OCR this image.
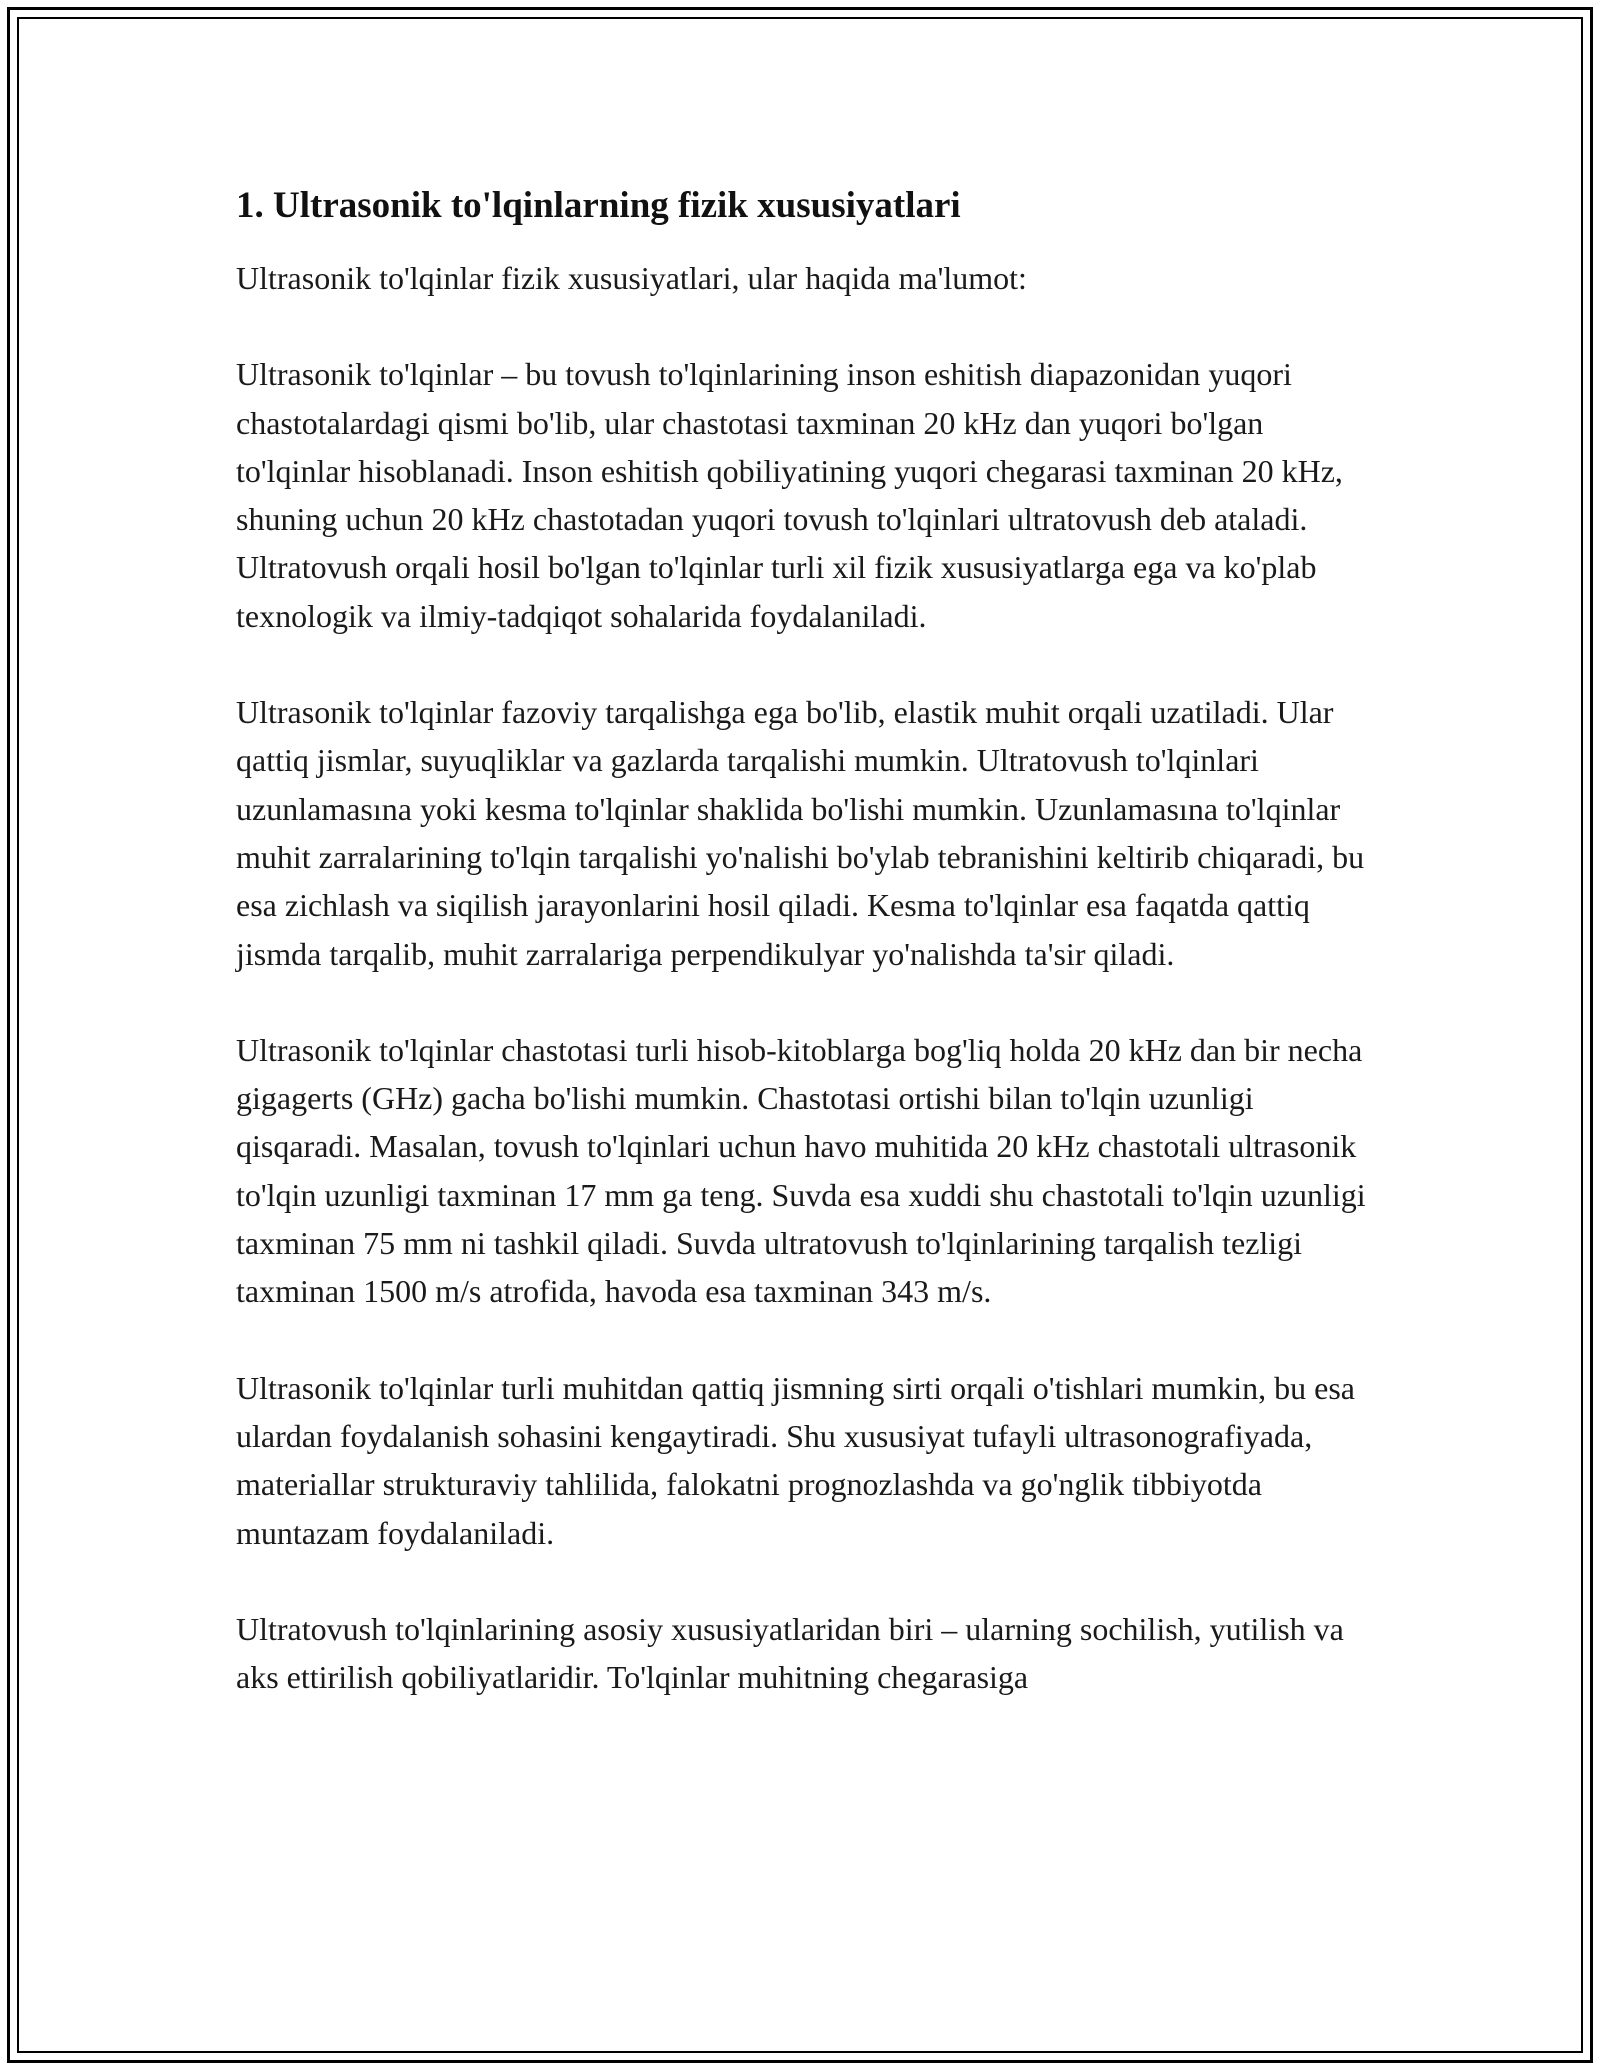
1. Ultrasonik to'lqinlarning fizik xususiyatlari

Ultrasonik to'lqinlar fizik xususiyatlari, ular haqida ma'lumot:

Ultrasonik to'lqinlar – bu tovush to'lqinlarining inson eshitish diapazonidan yuqori chastotalardagi qismi bo'lib, ular chastotasi taxminan 20 kHz dan yuqori bo'lgan to'lqinlar hisoblanadi. Inson eshitish qobiliyatining yuqori chegarasi taxminan 20 kHz, shuning uchun 20 kHz chastotadan yuqori tovush to'lqinlari ultratovush deb ataladi. Ultratovush orqali hosil bo'lgan to'lqinlar turli xil fizik xususiyatlarga ega va ko'plab texnologik va ilmiy-tadqiqot sohalarida foydalaniladi.

Ultrasonik to'lqinlar fazoviy tarqalishga ega bo'lib, elastik muhit orqali uzatiladi. Ular qattiq jismlar, suyuqliklar va gazlarda tarqalishi mumkin. Ultratovush to'lqinlari uzunlamasına yoki kesma to'lqinlar shaklida bo'lishi mumkin. Uzunlamasına to'lqinlar muhit zarralarining to'lqin tarqalishi yo'nalishi bo'ylab tebranishini keltirib chiqaradi, bu esa zichlash va siqilish jarayonlarini hosil qiladi. Kesma to'lqinlar esa faqatda qattiq jismda tarqalib, muhit zarralariga perpendikulyar yo'nalishda ta'sir qiladi.

Ultrasonik to'lqinlar chastotasi turli hisob-kitoblarga bog'liq holda 20 kHz dan bir necha gigagerts (GHz) gacha bo'lishi mumkin. Chastotasi ortishi bilan to'lqin uzunligi qisqaradi. Masalan, tovush to'lqinlari uchun havo muhitida 20 kHz chastotali ultrasonik to'lqin uzunligi taxminan 17 mm ga teng. Suvda esa xuddi shu chastotali to'lqin uzunligi taxminan 75 mm ni tashkil qiladi. Suvda ultratovush to'lqinlarining tarqalish tezligi taxminan 1500 m/s atrofida, havoda esa taxminan 343 m/s.

Ultrasonik to'lqinlar turli muhitdan qattiq jismning sirti orqali o'tishlari mumkin, bu esa ulardan foydalanish sohasini kengaytiradi. Shu xususiyat tufayli ultrasonografiyada, materiallar strukturaviy tahlilida, falokatni prognozlashda va go'nglik tibbiyotda muntazam foydalaniladi.

Ultratovush to'lqinlarining asosiy xususiyatlaridan biri – ularning sochilish, yutilish va aks ettirilish qobiliyatlaridir. To'lqinlar muhitning chegarasiga
